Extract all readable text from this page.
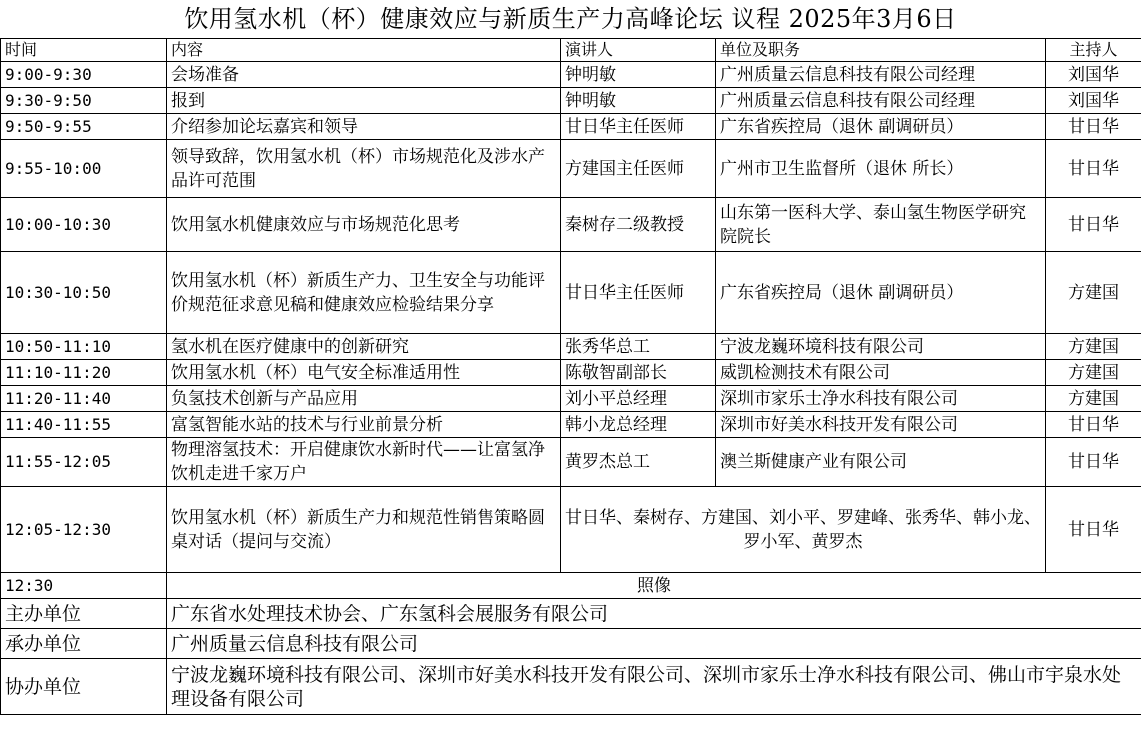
饮用氢水机（杯）健康效应与新质生产力高峰论坛 议程 2025年3月6日
时间	内容	演讲人	单位及职务	主持人
9:00-9:30	会场准备	钟明敏	广州质量云信息科技有限公司经理	刘国华
9:30-9:50	报到	钟明敏	广州质量云信息科技有限公司经理	刘国华
9:50-9:55	介绍参加论坛嘉宾和领导	甘日华主任医师	广东省疾控局（退休 副调研员）	甘日华
9:55-10:00	领导致辞，饮用氢水机（杯）市场规范化及涉水产品许可范围	方建国主任医师	广州市卫生监督所（退休 所长）	甘日华
10:00-10:30	饮用氢水机健康效应与市场规范化思考	秦树存二级教授	山东第一医科大学、泰山氢生物医学研究院院长	甘日华
10:30-10:50	饮用氢水机（杯）新质生产力、卫生安全与功能评价规范征求意见稿和健康效应检验结果分享	甘日华主任医师	广东省疾控局（退休 副调研员）	方建国
10:50-11:10	氢水机在医疗健康中的创新研究	张秀华总工	宁波龙巍环境科技有限公司	方建国
11:10-11:20	饮用氢水机（杯）电气安全标准适用性	陈敬智副部长	威凯检测技术有限公司	方建国
11:20-11:40	负氢技术创新与产品应用	刘小平总经理	深圳市家乐士净水科技有限公司	方建国
11:40-11:55	富氢智能水站的技术与行业前景分析	韩小龙总经理	深圳市好美水科技开发有限公司	甘日华
11:55-12:05	物理溶氢技术：开启健康饮水新时代——让富氢净饮机走进千家万户	黄罗杰总工	澳兰斯健康产业有限公司	甘日华
12:05-12:30	饮用氢水机（杯）新质生产力和规范性销售策略圆桌对话（提问与交流）	甘日华、秦树存、方建国、刘小平、罗建峰、张秀华、韩小龙、罗小军、黄罗杰		甘日华
12:30	照像			
主办单位	广东省水处理技术协会、广东氢科会展服务有限公司			
承办单位	广州质量云信息科技有限公司			
协办单位	宁波龙巍环境科技有限公司、深圳市好美水科技开发有限公司、深圳市家乐士净水科技有限公司、佛山市宇泉水处理设备有限公司			
